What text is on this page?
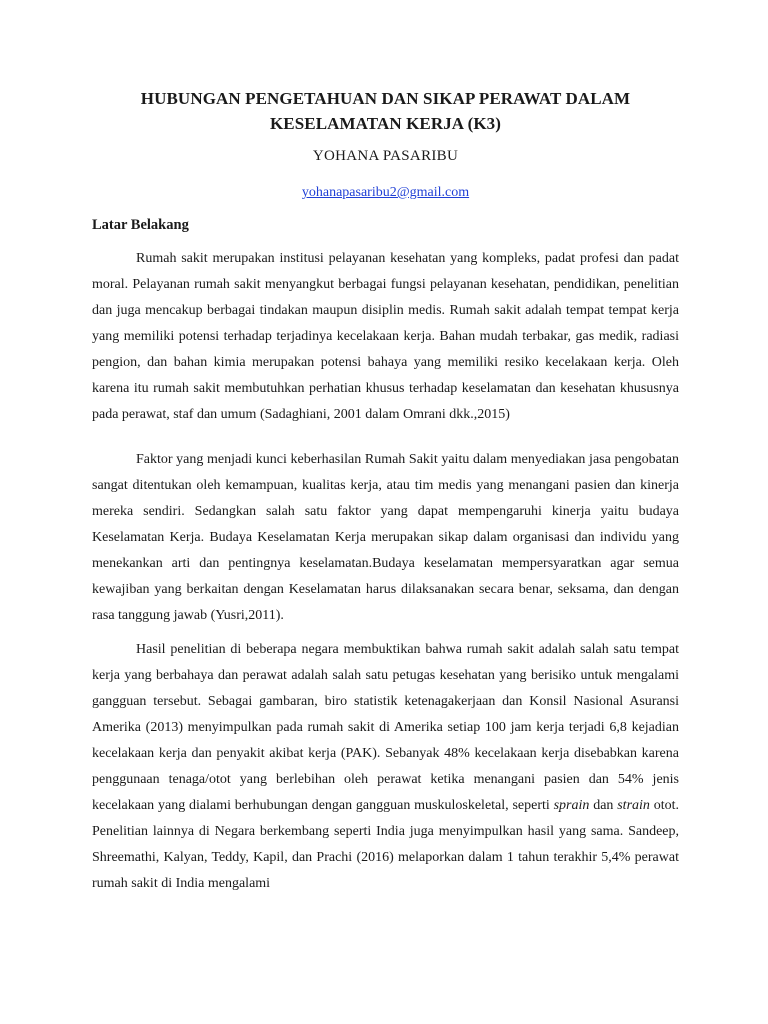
HUBUNGAN PENGETAHUAN DAN SIKAP PERAWAT DALAM
KESELAMATAN KERJA (K3)

YOHANA PASARIBU

yohanapasaribu2@gmail.com

Latar Belakang

Rumah sakit merupakan institusi pelayanan kesehatan yang kompleks, padat profesi dan padat moral. Pelayanan rumah sakit menyangkut berbagai fungsi pelayanan kesehatan, pendidikan, penelitian dan juga mencakup berbagai tindakan maupun disiplin medis. Rumah sakit adalah tempat tempat kerja yang memiliki potensi terhadap terjadinya kecelakaan kerja. Bahan mudah terbakar, gas medik, radiasi pengion, dan bahan kimia merupakan potensi bahaya yang memiliki resiko kecelakaan kerja. Oleh karena itu rumah sakit membutuhkan perhatian khusus terhadap keselamatan dan kesehatan khususnya pada perawat, staf dan umum (Sadaghiani, 2001 dalam Omrani dkk.,2015)

Faktor yang menjadi kunci keberhasilan Rumah Sakit yaitu dalam menyediakan jasa pengobatan sangat ditentukan oleh kemampuan, kualitas kerja, atau tim medis yang menangani pasien dan kinerja mereka sendiri. Sedangkan salah satu faktor yang dapat mempengaruhi kinerja yaitu budaya Keselamatan Kerja. Budaya Keselamatan Kerja merupakan sikap dalam organisasi dan individu yang menekankan arti dan pentingnya keselamatan.Budaya keselamatan mempersyaratkan agar semua kewajiban yang berkaitan dengan Keselamatan harus dilaksanakan secara benar, seksama, dan dengan rasa tanggung jawab (Yusri,2011).

Hasil penelitian di beberapa negara membuktikan bahwa rumah sakit adalah salah satu tempat kerja yang berbahaya dan perawat adalah salah satu petugas kesehatan yang berisiko untuk mengalami gangguan tersebut. Sebagai gambaran, biro statistik ketenagakerjaan dan Konsil Nasional Asuransi Amerika (2013) menyimpulkan pada rumah sakit di Amerika setiap 100 jam kerja terjadi 6,8 kejadian kecelakaan kerja dan penyakit akibat kerja (PAK). Sebanyak 48% kecelakaan kerja disebabkan karena penggunaan tenaga/otot yang berlebihan oleh perawat ketika menangani pasien dan 54% jenis kecelakaan yang dialami berhubungan dengan gangguan muskuloskeletal, seperti sprain dan strain otot. Penelitian lainnya di Negara berkembang seperti India juga menyimpulkan hasil yang sama. Sandeep, Shreemathi, Kalyan, Teddy, Kapil, dan Prachi (2016) melaporkan dalam 1 tahun terakhir 5,4% perawat rumah sakit di India mengalami
